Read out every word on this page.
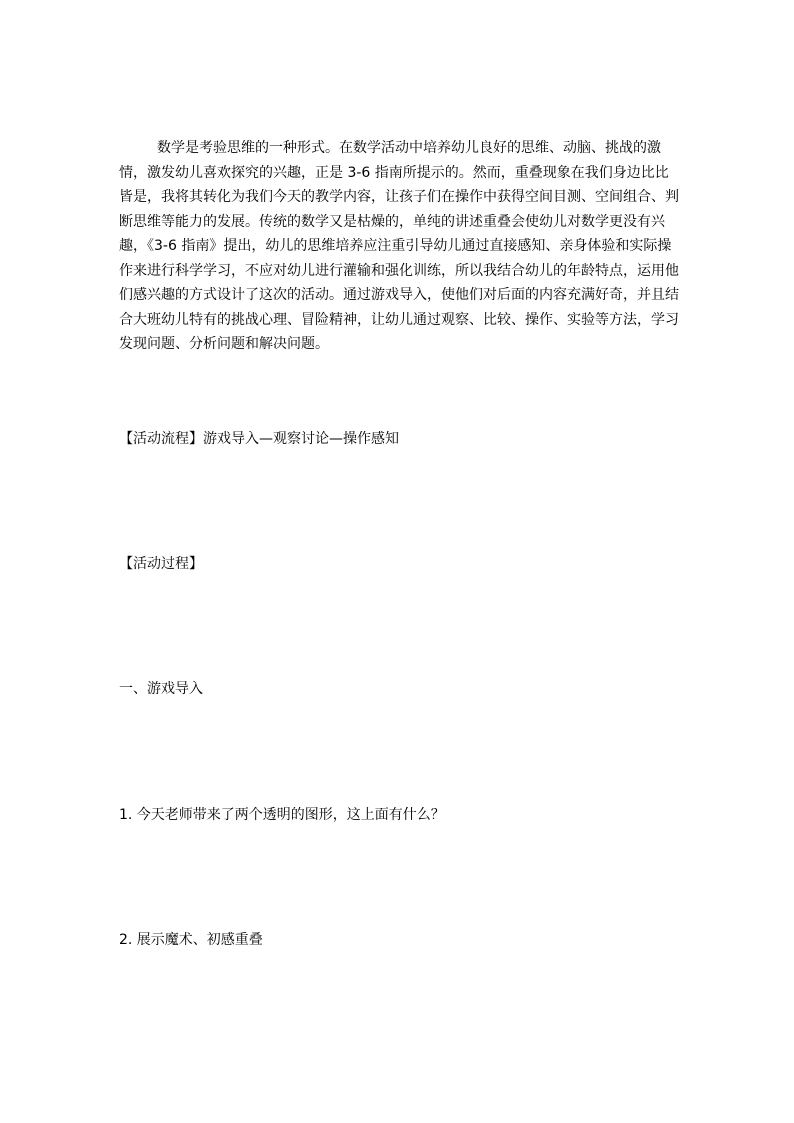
数学是考验思维的一种形式。在数学活动中培养幼儿良好的思维、动脑、挑战的激情，激发幼儿喜欢探究的兴趣，正是 3-6 指南所提示的。然而，重叠现象在我们身边比比皆是，我将其转化为我们今天的教学内容，让孩子们在操作中获得空间目测、空间组合、判断思维等能力的发展。传统的数学又是枯燥的，单纯的讲述重叠会使幼儿对数学更没有兴趣，《3-6 指南》提出，幼儿的思维培养应注重引导幼儿通过直接感知、亲身体验和实际操作来进行科学学习，不应对幼儿进行灌输和强化训练，所以我结合幼儿的年龄特点，运用他们感兴趣的方式设计了这次的活动。通过游戏导入，使他们对后面的内容充满好奇，并且结合大班幼儿特有的挑战心理、冒险精神，让幼儿通过观察、比较、操作、实验等方法，学习发现问题、分析问题和解决问题。

【活动流程】游戏导入—观察讨论—操作感知

【活动过程】

一、游戏导入

1. 今天老师带来了两个透明的图形，这上面有什么？

2. 展示魔术、初感重叠
